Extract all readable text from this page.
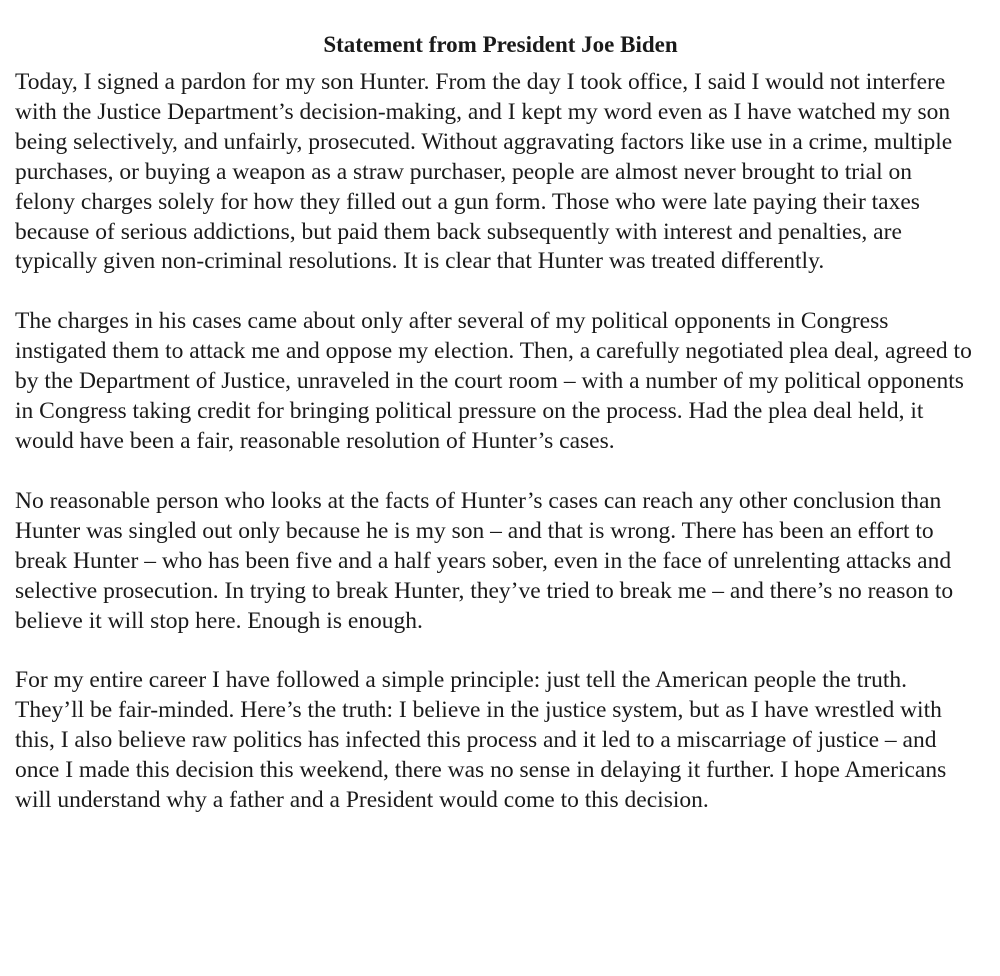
Statement from President Joe Biden

Today, I signed a pardon for my son Hunter. From the day I took office, I said I would not interfere with the Justice Department’s decision-making, and I kept my word even as I have watched my son being selectively, and unfairly, prosecuted. Without aggravating factors like use in a crime, multiple purchases, or buying a weapon as a straw purchaser, people are almost never brought to trial on felony charges solely for how they filled out a gun form. Those who were late paying their taxes because of serious addictions, but paid them back subsequently with interest and penalties, are typically given non-criminal resolutions. It is clear that Hunter was treated differently.

The charges in his cases came about only after several of my political opponents in Congress instigated them to attack me and oppose my election. Then, a carefully negotiated plea deal, agreed to by the Department of Justice, unraveled in the court room – with a number of my political opponents in Congress taking credit for bringing political pressure on the process. Had the plea deal held, it would have been a fair, reasonable resolution of Hunter’s cases.

No reasonable person who looks at the facts of Hunter’s cases can reach any other conclusion than Hunter was singled out only because he is my son – and that is wrong. There has been an effort to break Hunter – who has been five and a half years sober, even in the face of unrelenting attacks and selective prosecution. In trying to break Hunter, they’ve tried to break me – and there’s no reason to believe it will stop here. Enough is enough.

For my entire career I have followed a simple principle: just tell the American people the truth. They’ll be fair-minded. Here’s the truth: I believe in the justice system, but as I have wrestled with this, I also believe raw politics has infected this process and it led to a miscarriage of justice – and once I made this decision this weekend, there was no sense in delaying it further. I hope Americans will understand why a father and a President would come to this decision.
